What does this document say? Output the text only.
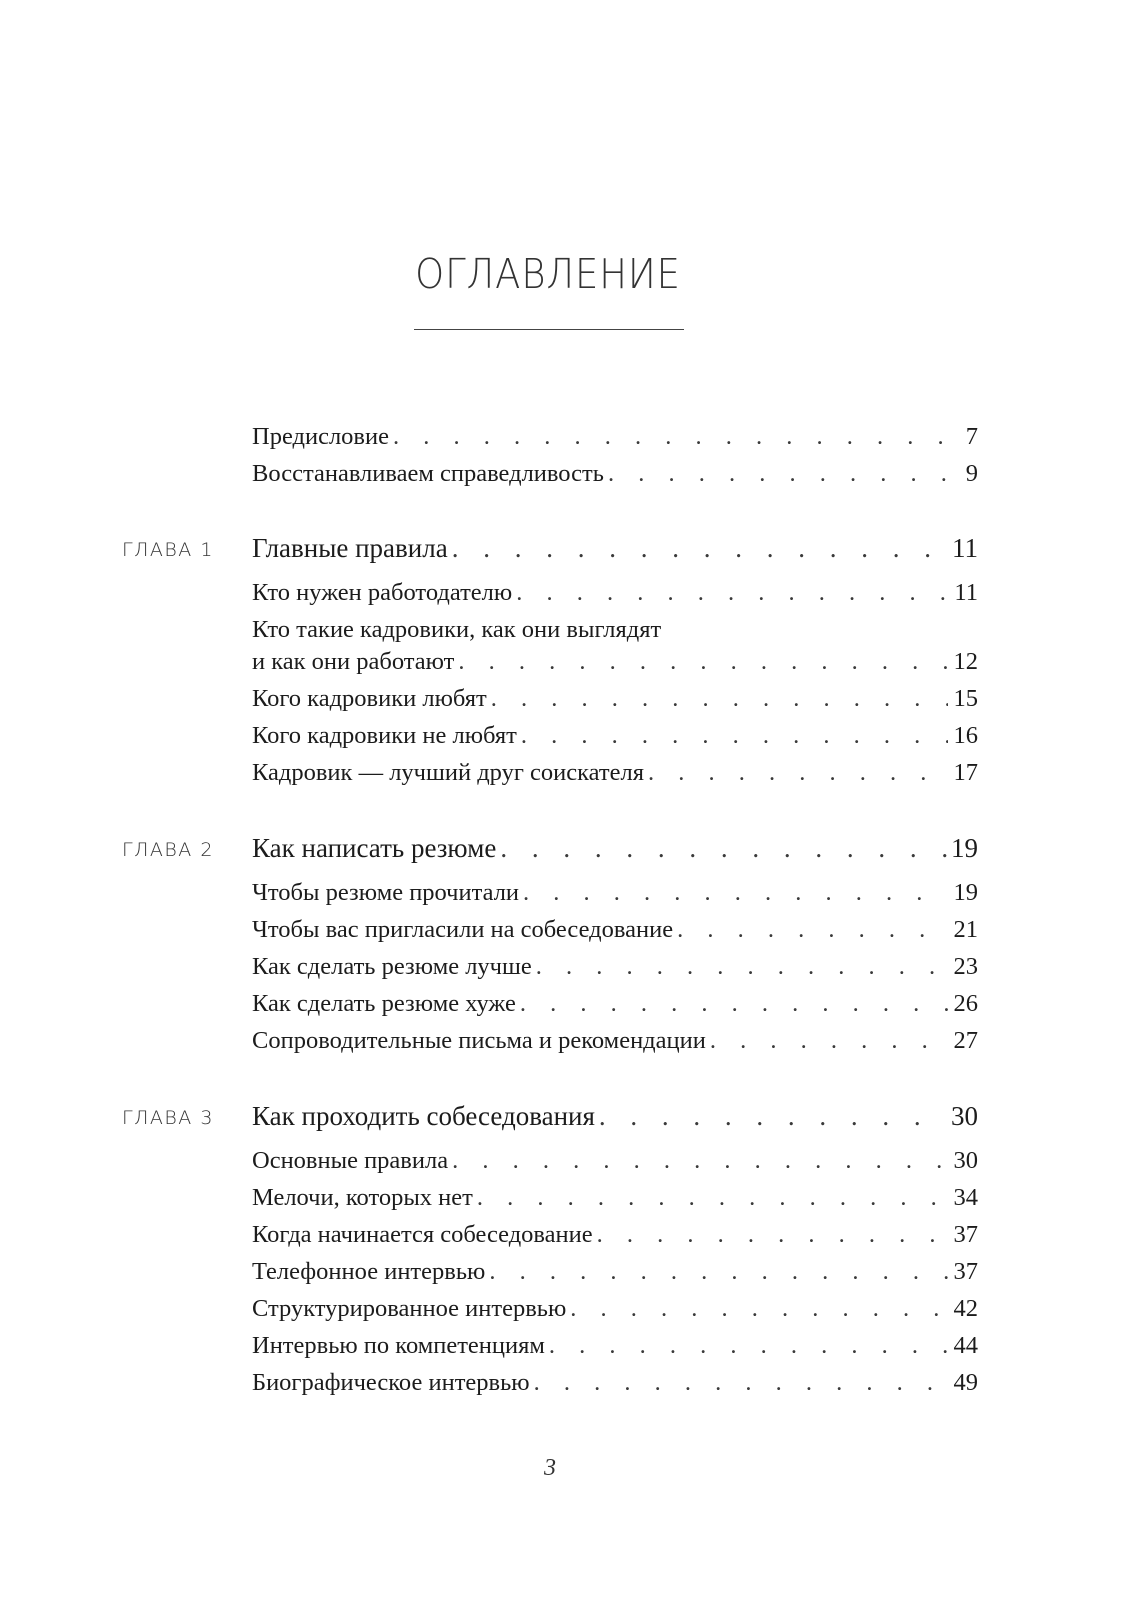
ОГЛАВЛЕНИЕ
Предисловие . . .	7
Восстанавливаем справедливость . . .	9
ГЛАВА 1 Главные правила . . .	11
Кто нужен работодателю . . .	11
Кто такие кадровики, как они выглядят
и как они работают . . .	12
Кого кадровики любят . . .	15
Кого кадровики не любят . . .	16
Кадровик — лучший друг соискателя . . .	17
ГЛАВА 2 Как написать резюме . . .	19
Чтобы резюме прочитали . . .	19
Чтобы вас пригласили на собеседование . . .	21
Как сделать резюме лучше . . .	23
Как сделать резюме хуже . . .	26
Сопроводительные письма и рекомендации . . .	27
ГЛАВА 3 Как проходить собеседования . . .	30
Основные правила . . .	30
Мелочи, которых нет . . .	34
Когда начинается собеседование . . .	37
Телефонное интервью . . .	37
Структурированное интервью . . .	42
Интервью по компетенциям . . .	44
Биографическое интервью . . .	49
3
